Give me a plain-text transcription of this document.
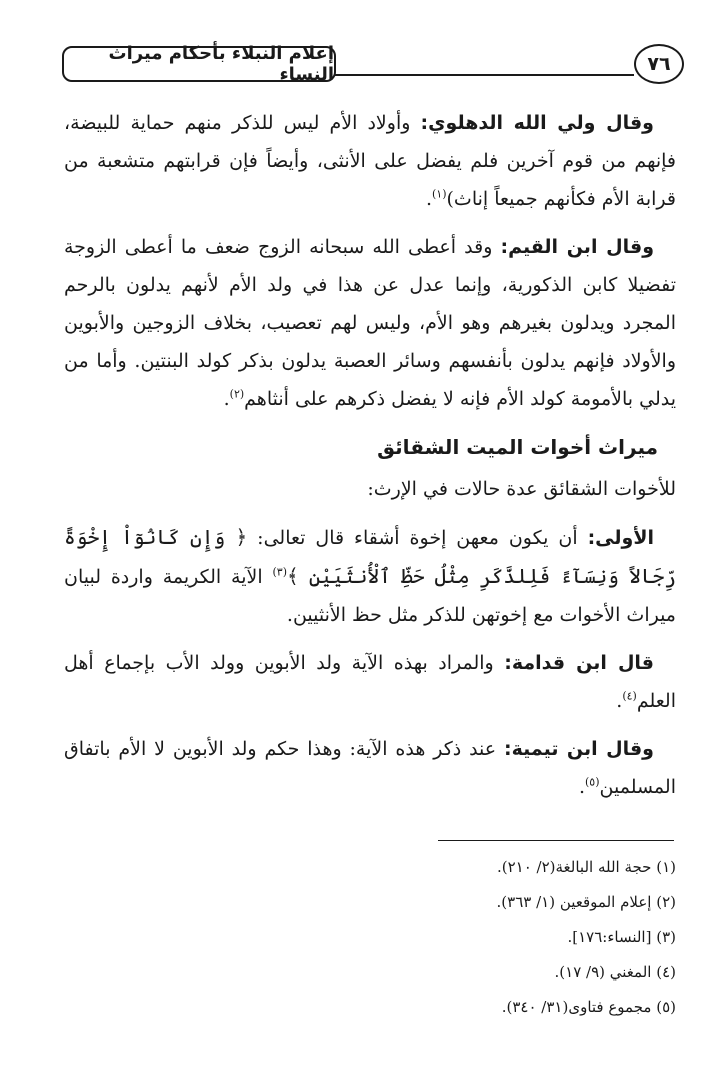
إعلام النبلاء بأحكام ميراث النساء	٧٦

وقال ولي الله الدهلوي: وأولاد الأم ليس للذكر منهم حماية للبيضة، فإنهم من قوم آخرين فلم يفضل على الأنثى، وأيضاً فإن قرابتهم متشعبة من قرابة الأم فكأنهم جميعاً إناث)$^{(١)}$.

وقال ابن القيم: وقد أعطى الله سبحانه الزوج ضعف ما أعطى الزوجة تفضيلا كابن الذكورية، وإنما عدل عن هذا في ولد الأم لأنهم يدلون بالرحم المجرد ويدلون بغيرهم وهو الأم، وليس لهم تعصيب، بخلاف الزوجين والأبوين والأولاد فإنهم يدلون بأنفسهم وسائر العصبة يدلون بذكر كولد البنتين. وأما من يدلي بالأمومة كولد الأم فإنه لا يفضل ذكرهم على أنثاهم$^{(٢)}$.

ميراث أخوات الميت الشقائق

للأخوات الشقائق عدة حالات في الإرث:

الأولى: أن يكون معهن إخوة أشقاء قال تعالى: ﴿ وَإِن كَانُوٓاْ إِخْوَةً رِّجَالاً وَنِسَآءً فَلِلذَّكَرِ مِثْلُ حَظِّ ٱلْأُنثَيَيْنِ ﴾$^{(٣)}$ الآية الكريمة واردة لبيان ميراث الأخوات مع إخوتهن للذكر مثل حظ الأنثيين.

قال ابن قدامة: والمراد بهذه الآية ولد الأبوين وولد الأب بإجماع أهل العلم$^{(٤)}$.

وقال ابن تيمية: عند ذكر هذه الآية: وهذا حكم ولد الأبوين لا الأم باتفاق المسلمين$^{(٥)}$.

(١) حجة الله البالغة(٢/ ٢١٠).

(٢) إعلام الموقعين (١/ ٣٦٣).

(٣) [النساء:١٧٦].

(٤) المغني (٩/ ١٧).

(٥) مجموع فتاوى(٣١/ ٣٤٠).
